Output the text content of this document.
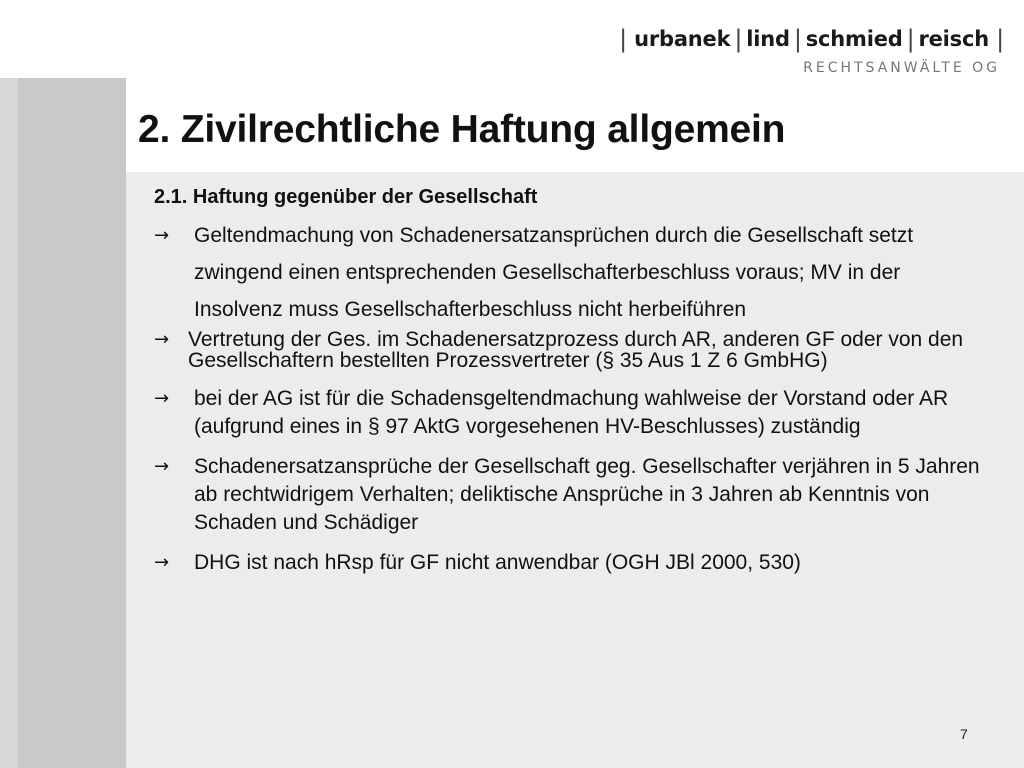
| urbanek | lind | schmied | reisch |
RECHTSANWÄLTE OG
2. Zivilrechtliche Haftung allgemein
2.1. Haftung gegenüber der Gesellschaft

→ Geltendmachung von Schadenersatzansprüchen durch die Gesellschaft setzt zwingend einen entsprechenden Gesellschafterbeschluss voraus; MV in der Insolvenz muss Gesellschafterbeschluss nicht herbeiführen

→ Vertretung der Ges. im Schadenersatzprozess durch AR, anderen GF oder von den Gesellschaftern bestellten Prozessvertreter (§ 35 Aus 1 Z 6 GmbHG)

→ bei der AG ist für die Schadensgeltendmachung wahlweise der Vorstand oder AR (aufgrund eines in § 97 AktG vorgesehenen HV-Beschlusses) zuständig

→ Schadenersatzansprüche der Gesellschaft geg. Gesellschafter verjähren in 5 Jahren ab rechtwidrigem Verhalten; deliktische Ansprüche in 3 Jahren ab Kenntnis von Schaden und Schädiger

→ DHG ist nach hRsp für GF nicht anwendbar (OGH JBl 2000, 530)

7
